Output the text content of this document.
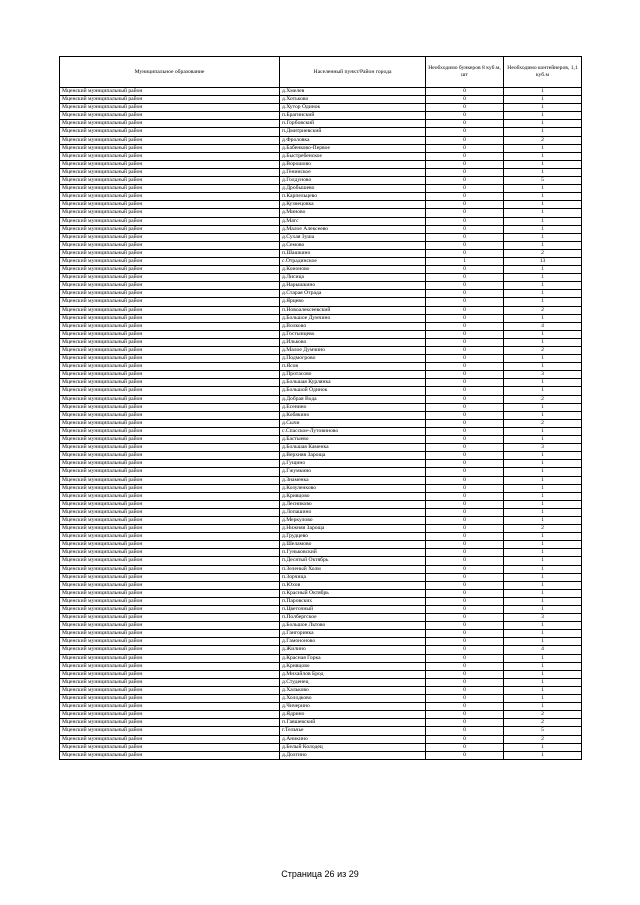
Муниципальное образование	Населенный пункт/Район города	Необходимо бункеров 8 куб.м, шт	Необходимо контейнеров, 1,1 куб.м
Мценский муниципальный район	д.Хмелев	0	1
Мценский муниципальный район	д.Хотьково	0	1
Мценский муниципальный район	д.Хутор Одинок	0	1
Мценский муниципальный район	п.Брагинский	0	1
Мценский муниципальный район	п.Горбовский	0	1
Мценский муниципальный район	п.Дмитриевский	0	1
Мценский муниципальный район	д.Фроловка	0	2
Мценский муниципальный район	д.Бабенково-Первое	0	1
Мценский муниципальный район	д.Быстребенское	0	1
Мценский муниципальный район	д.Ворошово	0	1
Мценский муниципальный район	д.Генинское	0	1
Мценский муниципальный район	д.Голдуново	0	5
Мценский муниципальный район	д.Дробышево	0	1
Мценский муниципальный район	п.Карпельцево	0	1
Мценский муниципальный район	д.Кузнецовка	0	1
Мценский муниципальный район	д.Миново	0	1
Мценский муниципальный район	д.Матс	0	1
Мценский муниципальный район	д.Малое Алексеево	0	1
Мценский муниципальный район	д.Сухая Зуша	0	1
Мценский муниципальный район	д.Семово	0	1
Мценский муниципальный район	п.Шашкино	0	2
Мценский муниципальный район	с.Отрадинское	1	13
Мценский муниципальный район	д.Кононово	0	1
Мценский муниципальный район	д.Лисица	0	1
Мценский муниципальный район	д.Нарышкино	0	1
Мценский муниципальный район	д.Старая Отрада	0	1
Мценский муниципальный район	д.Ярцево	0	1
Мценский муниципальный район	п.Новоалексеевский	0	2
Мценский муниципальный район	д.Большое Думчино	0	1
Мценский муниципальный район	д.Волково	0	4
Мценский муниципальный район	д.Гостынцево	0	1
Мценский муниципальный район	д.Ильково	0	1
Мценский муниципальный район	д.Малое Думчино	0	2
Мценский муниципальный район	д.Подмогрово	0	1
Мценский муниципальный район	п.Ясов	0	1
Мценский муниципальный район	д.Протасово	0	3
Мценский муниципальный район	д.Большая Курлянка	0	1
Мценский муниципальный район	д.Большой Одинок	0	1
Мценский муниципальный район	д.Добрая Вода	0	2
Мценский муниципальный район	д.Есенино	0	1
Мценский муниципальный район	д.Кобякино	0	1
Мценский муниципальный район	д.Сычи	0	2
Мценский муниципальный район	с.Спасское-Лутовиново	0	1
Мценский муниципальный район	д.Бастыево	0	1
Мценский муниципальный район	д.Большая Каменка	0	3
Мценский муниципальный район	д.Верхняя Зароща	0	1
Мценский муниципальный район	д.Гущино	0	1
Мценский муниципальный район	д.Гжумкино	0	1
Мценский муниципальный район	д.Знаменка	0	1
Мценский муниципальный район	д.Козуленково	0	1
Мценский муниципальный район	д.Кривцово	0	1
Мценский муниципальный район	д.Лесниково	0	1
Мценский муниципальный район	д.Лопашино	0	1
Мценский муниципальный район	д.Меркулово	0	1
Мценский муниципальный район	д.Нижняя Зароща	0	2
Мценский муниципальный район	д.Грудцево	0	1
Мценский муниципальный район	д.Шеламово	0	1
Мценский муниципальный район	п.Гуньковский	0	1
Мценский муниципальный район	п.Десятый Октябрь	0	1
Мценский муниципальный район	п.Зеленый Холм	0	1
Мценский муниципальный район	п.Зорчица	0	1
Мценский муниципальный район	п.Юхов	0	1
Мценский муниципальный район	п.Красный Октябрь	0	1
Мценский муниципальный район	п.Паровских	0	1
Мценский муниципальный район	п.Цветочный	0	1
Мценский муниципальный район	п.Полбергское	0	3
Мценский муниципальный район	д.Большое Льтово	0	1
Мценский муниципальный район	д.Гангоринка	0	1
Мценский муниципальный район	д.Гамононово	0	1
Мценский муниципальный район	д.Жилино	0	4
Мценский муниципальный район	д.Красная Горка	0	1
Мценский муниципальный район	д.Кривцово	0	1
Мценский муниципальный район	д.Михайлов Брод	0	1
Мценский муниципальный район	д.Студенец	0	1
Мценский муниципальный район	д.Хальково	0	1
Мценский муниципальный район	д.Холодково	0	1
Мценский муниципальный район	д.Чичерино	0	1
Мценский муниципальный район	д.Ядрино	0	2
Мценский муниципальный район	п.Гавшевский	0	2
Мценский муниципальный район	г.Тельчье	0	5
Мценский муниципальный район	д.Аникино	0	2
Мценский муниципальный район	д.Белый Колодец	0	1
Мценский муниципальный район	д.Долгино	0	1
Страница 26 из 29
